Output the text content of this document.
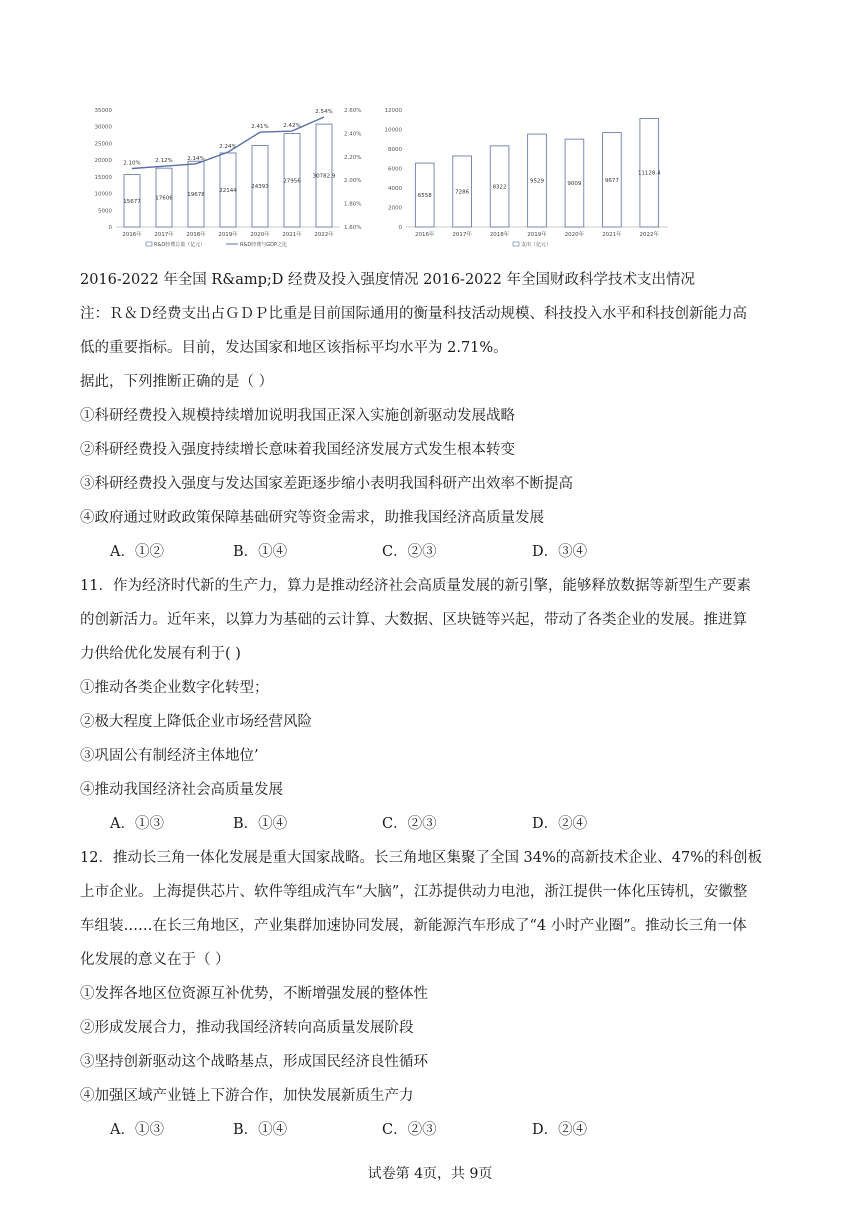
0
5000
10000
15000
20000
25000
30000
35000
15677
2016年
17606
2017年
19678
2018年
22144
2019年
24393
2020年
27956
2021年
30782.9
2022年
1.60%
1.80%
2.00%
2.20%
2.40%
2.60%
2.10%	2.12%	2.14%
2.24%
2.41%	2.42%
2.54%
R&D经费总量（亿元）	R&D经费与GDP之比
0
2000
4000
6000
8000
10000
12000
6558
2016年
7286
2017年
8322
2018年
9529
2019年
9009
2020年
9677
2021年
11128.4
2022年
支出（亿元）
2016-2022 年全国 R&amp;D 经费及投入强度情况 2016-2022 年全国财政科学技术支出情况
注：Ｒ＆Ｄ经费支出占ＧＤＰ比重是目前国际通用的衡量科技活动规模、科技投入水平和科技创新能力高
低的重要指标。目前，发达国家和地区该指标平均水平为 2.71%。
据此，下列推断正确的是（ ）
①科研经费投入规模持续增加说明我国正深入实施创新驱动发展战略
②科研经费投入强度持续增长意味着我国经济发展方式发生根本转变
③科研经费投入强度与发达国家差距逐步缩小表明我国科研产出效率不断提高
④政府通过财政政策保障基础研究等资金需求，助推我国经济高质量发展
A．①②	B．①④	C．②③	D．③④
11．作为经济时代新的生产力，算力是推动经济社会高质量发展的新引擎，能够释放数据等新型生产要素
的创新活力。近年来，以算力为基础的云计算、大数据、区块链等兴起，带动了各类企业的发展。推进算
力供给优化发展有利于( )
①推动各类企业数字化转型；
②极大程度上降低企业市场经营风险
③巩固公有制经济主体地位’
④推动我国经济社会高质量发展
A．①③	B．①④	C．②③	D．②④
12．推动长三角一体化发展是重大国家战略。长三角地区集聚了全国 34%的高新技术企业、47%的科创板
上市企业。上海提供芯片、软件等组成汽车“大脑”，江苏提供动力电池，浙江提供一体化压铸机，安徽整
车组装……在长三角地区，产业集群加速协同发展，新能源汽车形成了“4 小时产业圈”。推动长三角一体
化发展的意义在于（ ）
①发挥各地区位资源互补优势，不断增强发展的整体性
②形成发展合力，推动我国经济转向高质量发展阶段
③坚持创新驱动这个战略基点，形成国民经济良性循环
④加强区域产业链上下游合作，加快发展新质生产力
A．①③	B．①④	C．②③	D．②④
试卷第 4页，共 9页
